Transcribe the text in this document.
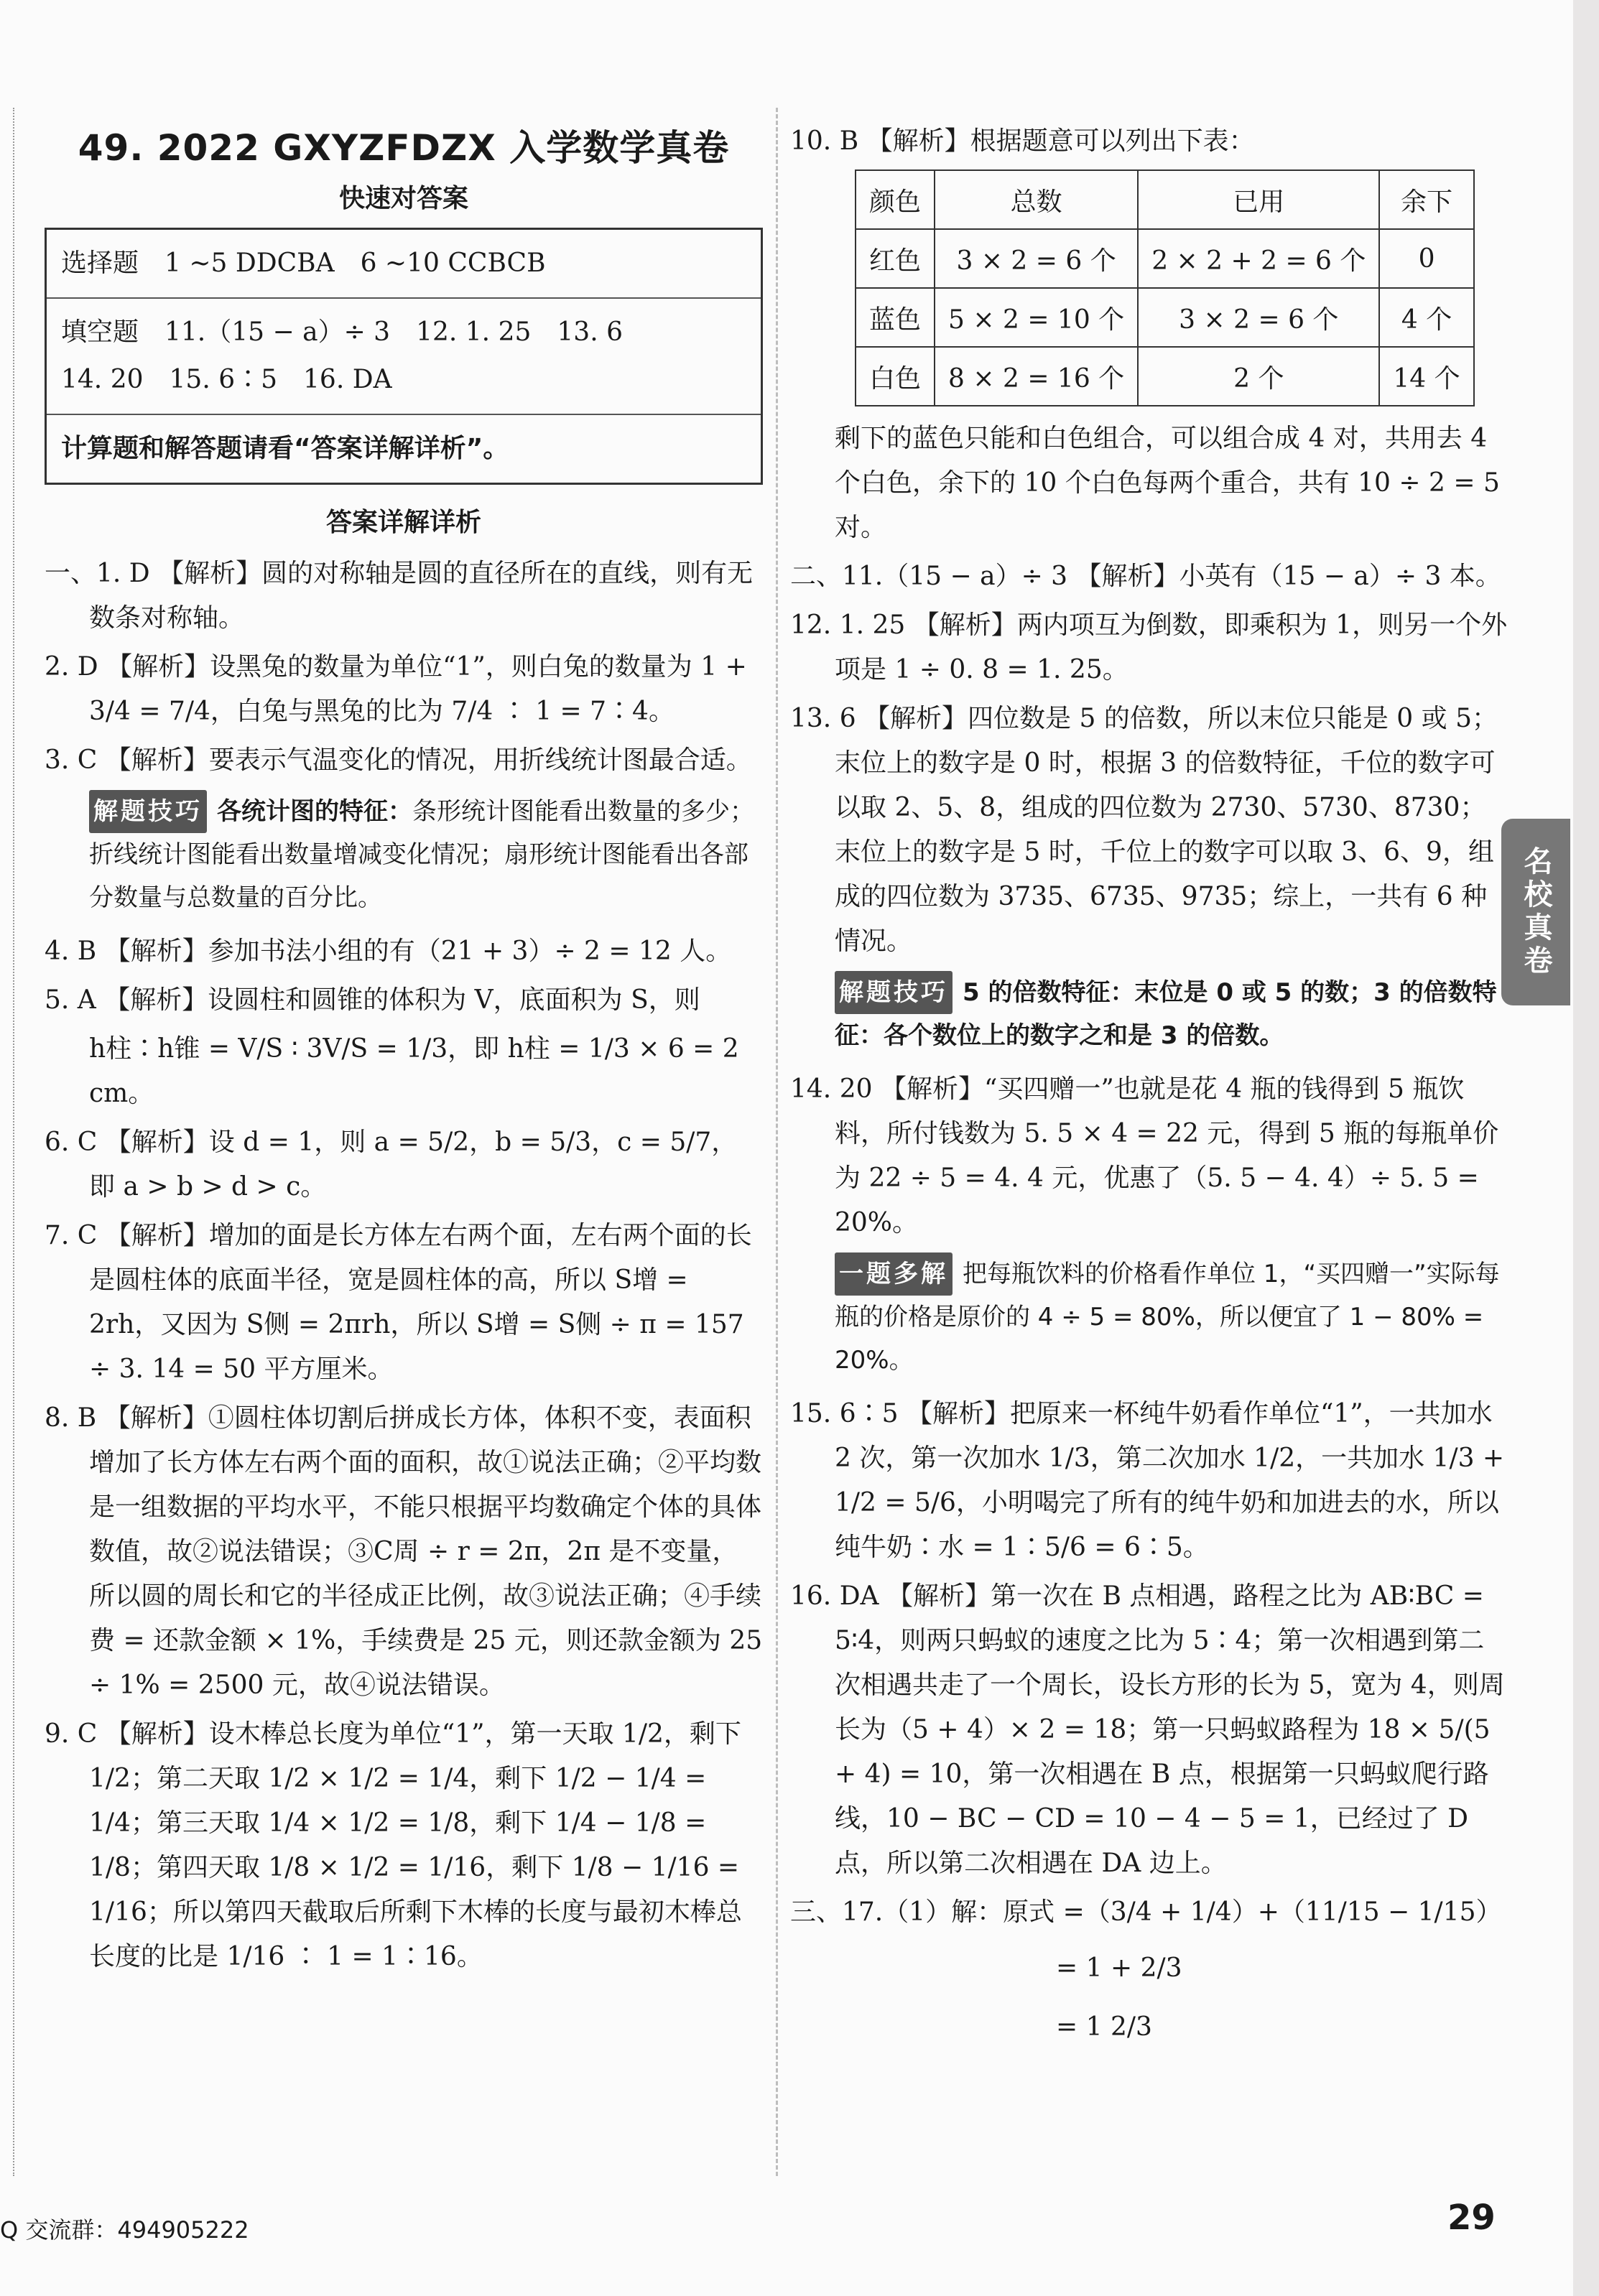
49. 2022 GXYZFDZX 入学数学真卷
快速对答案
选择题　1 ~5 DDCBA　6 ~10 CCBCB
填空题　11.（15 − a）÷ 3　12. 1. 25　13. 6
14. 20　15. 6∶5　16. DA
计算题和解答题请看“答案详解详析”。
答案详解详析
一、1. D 【解析】圆的对称轴是圆的直径所在的直线，则有无数条对称轴。
2. D 【解析】设黑兔的数量为单位“1”，则白兔的数量为 1 + 3/4 = 7/4，白兔与黑兔的比为 7/4 ∶ 1 = 7∶4。
3. C 【解析】要表示气温变化的情况，用折线统计图最合适。
解题技巧 各统计图的特征：条形统计图能看出数量的多少；折线统计图能看出数量增减变化情况；扇形统计图能看出各部分数量与总数量的百分比。
4. B 【解析】参加书法小组的有（21 + 3）÷ 2 = 12 人。
5. A 【解析】设圆柱和圆锥的体积为 V，底面积为 S，则
h柱∶h锥 = V/S ∶ 3V/S = 1/3，即 h柱 = 1/3 × 6 = 2 cm。
6. C 【解析】设 d = 1，则 a = 5/2，b = 5/3，c = 5/7，即 a > b > d > c。
7. C 【解析】增加的面是长方体左右两个面，左右两个面的长是圆柱体的底面半径，宽是圆柱体的高，所以 S增 = 2rh，又因为 S侧 = 2πrh，所以 S增 = S侧 ÷ π = 157 ÷ 3. 14 = 50 平方厘米。
8. B 【解析】①圆柱体切割后拼成长方体，体积不变，表面积增加了长方体左右两个面的面积，故①说法正确；②平均数是一组数据的平均水平，不能只根据平均数确定个体的具体数值，故②说法错误；③C周 ÷ r = 2π，2π 是不变量，所以圆的周长和它的半径成正比例，故③说法正确；④手续费 = 还款金额 × 1%，手续费是 25 元，则还款金额为 25 ÷ 1% = 2500 元，故④说法错误。
9. C 【解析】设木棒总长度为单位“1”，第一天取 1/2，剩下 1/2；第二天取 1/2 × 1/2 = 1/4，剩下 1/2 − 1/4 = 1/4；第三天取 1/4 × 1/2 = 1/8，剩下 1/4 − 1/8 = 1/8；第四天取 1/8 × 1/2 = 1/16，剩下 1/8 − 1/16 = 1/16；所以第四天截取后所剩下木棒的长度与最初木棒总长度的比是 1/16 ∶ 1 = 1∶16。
10. B 【解析】根据题意可以列出下表：
颜色	总数	已用	余下
红色	3 × 2 = 6 个	2 × 2 + 2 = 6 个	0
蓝色	5 × 2 = 10 个	3 × 2 = 6 个	4 个
白色	8 × 2 = 16 个	2 个	14 个
剩下的蓝色只能和白色组合，可以组合成 4 对，共用去 4 个白色，余下的 10 个白色每两个重合，共有 10 ÷ 2 = 5 对。
二、11.（15 − a）÷ 3 【解析】小英有（15 − a）÷ 3 本。
12. 1. 25 【解析】两内项互为倒数，即乘积为 1，则另一个外项是 1 ÷ 0. 8 = 1. 25。
13. 6 【解析】四位数是 5 的倍数，所以末位只能是 0 或 5；末位上的数字是 0 时，根据 3 的倍数特征，千位的数字可以取 2、5、8，组成的四位数为 2730、5730、8730；末位上的数字是 5 时，千位上的数字可以取 3、6、9，组成的四位数为 3735、6735、9735；综上，一共有 6 种情况。
解题技巧 5 的倍数特征：末位是 0 或 5 的数；3 的倍数特征：各个数位上的数字之和是 3 的倍数。
14. 20 【解析】“买四赠一”也就是花 4 瓶的钱得到 5 瓶饮料，所付钱数为 5. 5 × 4 = 22 元，得到 5 瓶的每瓶单价为 22 ÷ 5 = 4. 4 元，优惠了（5. 5 − 4. 4）÷ 5. 5 = 20%。
一题多解 把每瓶饮料的价格看作单位 1，“买四赠一”实际每瓶的价格是原价的 4 ÷ 5 = 80%，所以便宜了 1 − 80% = 20%。
15. 6∶5 【解析】把原来一杯纯牛奶看作单位“1”，一共加水 2 次，第一次加水 1/3，第二次加水 1/2，一共加水 1/3 + 1/2 = 5/6，小明喝完了所有的纯牛奶和加进去的水，所以纯牛奶∶水 = 1∶5/6 = 6∶5。
16. DA 【解析】第一次在 B 点相遇，路程之比为 AB∶BC = 5∶4，则两只蚂蚁的速度之比为 5∶4；第一次相遇到第二次相遇共走了一个周长，设长方形的长为 5，宽为 4，则周长为（5 + 4）× 2 = 18；第一只蚂蚁路程为 18 × 5/(5 + 4) = 10，第一次相遇在 B 点，根据第一只蚂蚁爬行路线，10 − BC − CD = 10 − 4 − 5 = 1，已经过了 D 点，所以第二次相遇在 DA 边上。
三、17.（1）解：原式 =（3/4 + 1/4）+（11/15 − 1/15）
= 1 + 2/3
= 1 2/3
名校真卷
Q 交流群：494905222	29
